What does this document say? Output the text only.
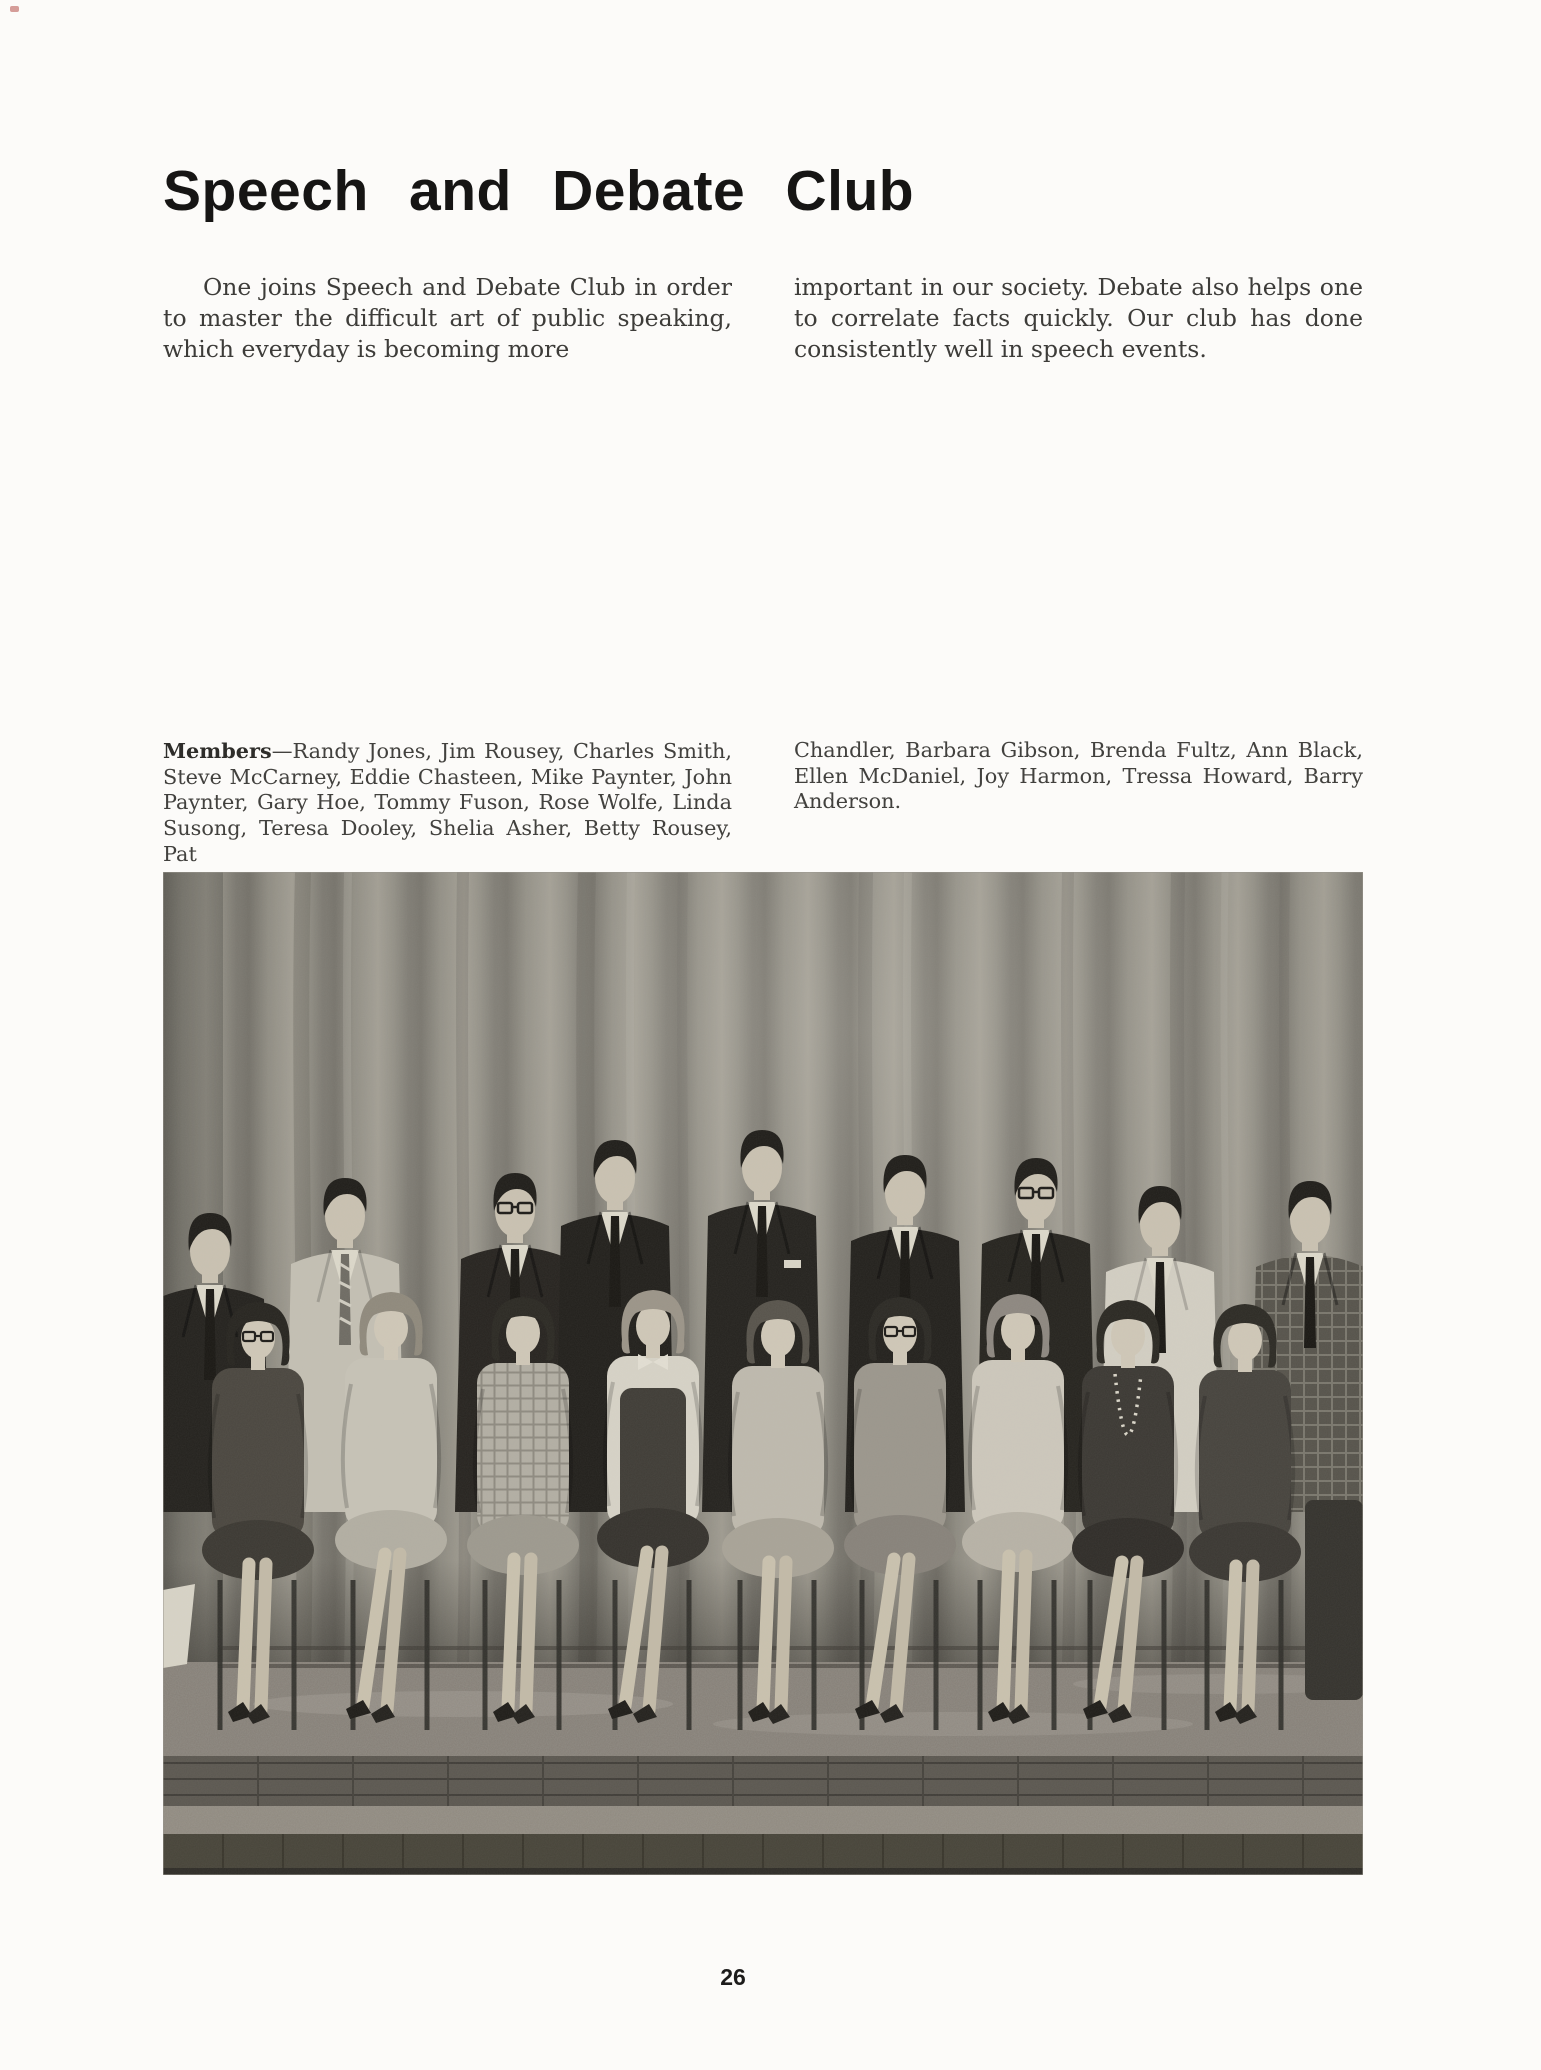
Speech and Debate Club

One joins Speech and Debate Club in order to master the difficult art of public speaking, which everyday is becoming more

important in our society. Debate also helps one to correlate facts quickly. Our club has done consistently well in speech events.

Members—Randy Jones, Jim Rousey, Charles Smith, Steve McCarney, Eddie Chasteen, Mike Paynter, John Paynter, Gary Hoe, Tommy Fuson, Rose Wolfe, Linda Susong, Teresa Dooley, Shelia Asher, Betty Rousey, Pat

Chandler, Barbara Gibson, Brenda Fultz, Ann Black, Ellen McDaniel, Joy Harmon, Tressa Howard, Barry Anderson.

26
